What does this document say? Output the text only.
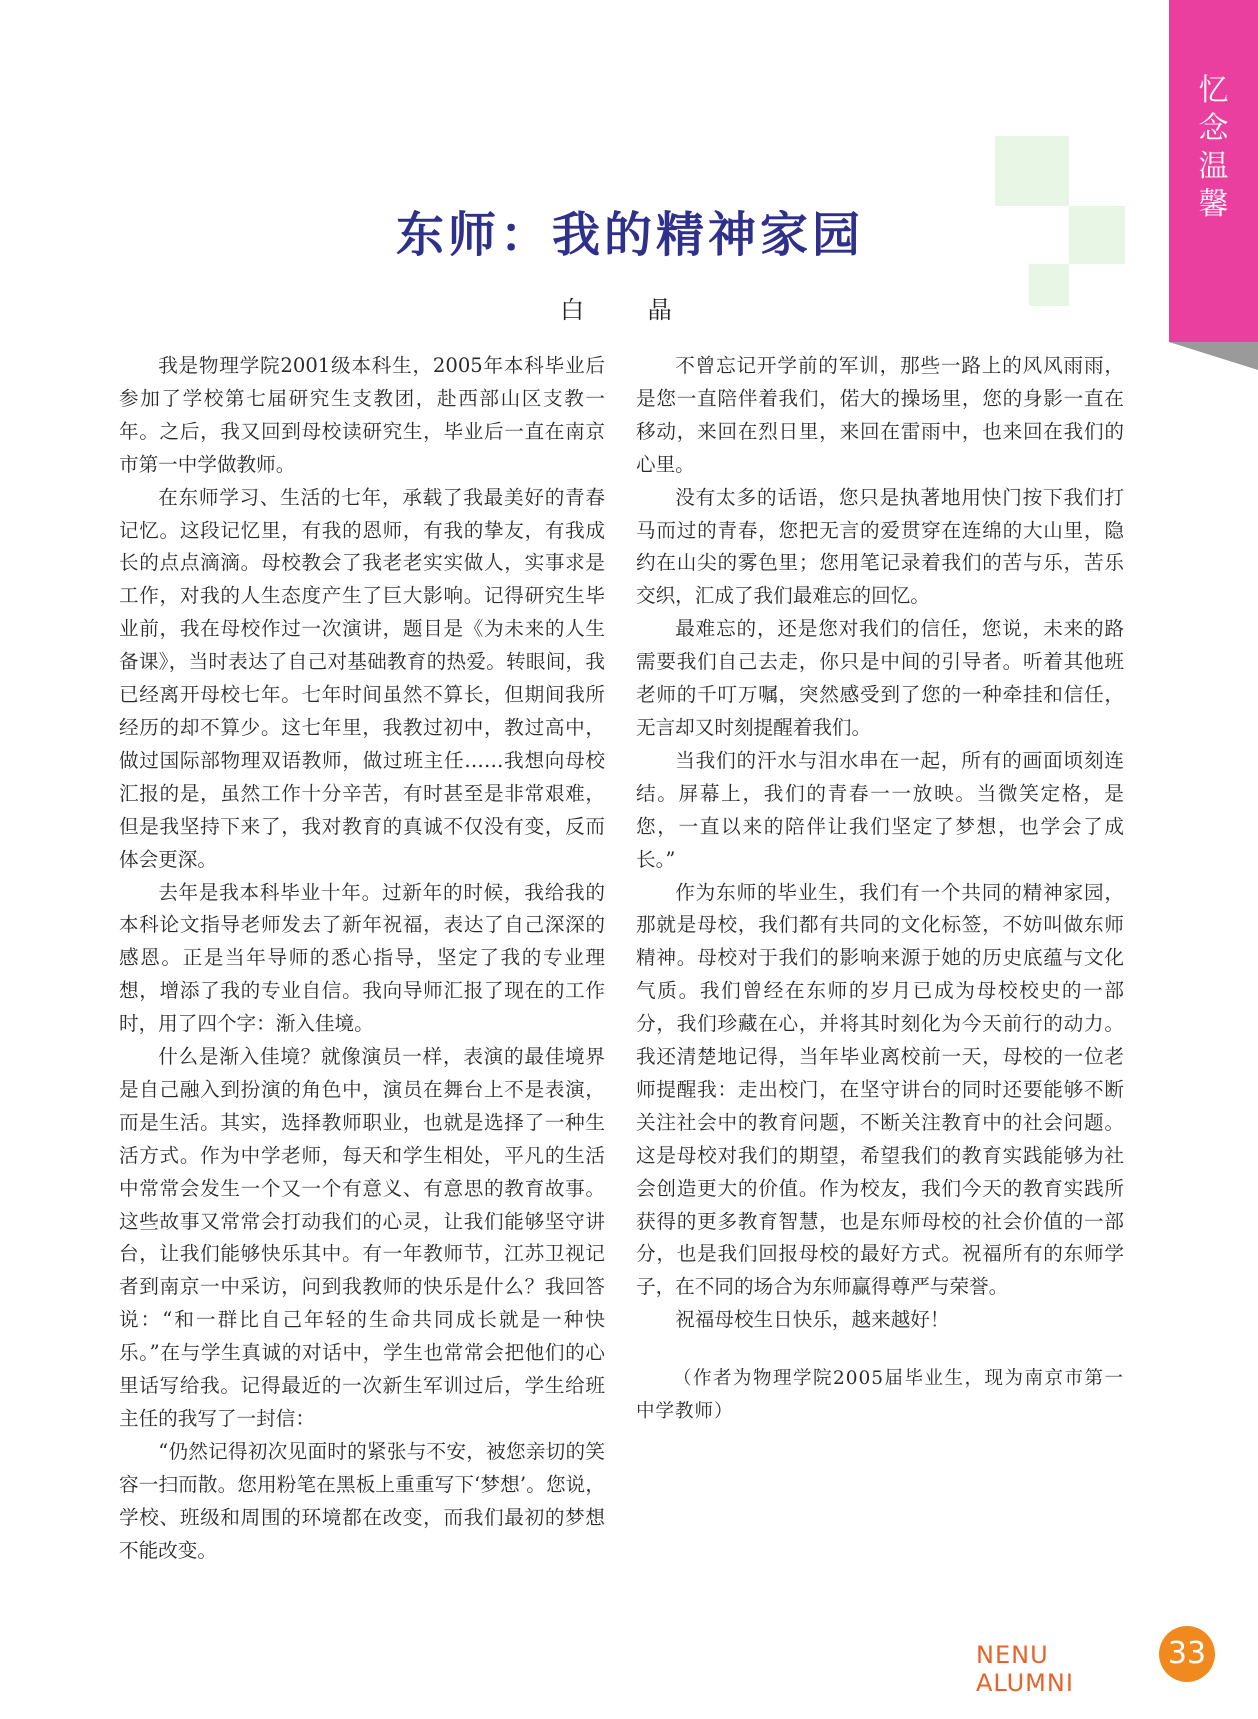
忆
念
温
馨
东师：我的精神家园
白 晶

我是物理学院2001级本科生，2005年本科毕业后参加了学校第七届研究生支教团，赴西部山区支教一年。之后，我又回到母校读研究生，毕业后一直在南京市第一中学做教师。

在东师学习、生活的七年，承载了我最美好的青春记忆。这段记忆里，有我的恩师，有我的挚友，有我成长的点点滴滴。母校教会了我老老实实做人，实事求是工作，对我的人生态度产生了巨大影响。记得研究生毕业前，我在母校作过一次演讲，题目是《为未来的人生备课》，当时表达了自己对基础教育的热爱。转眼间，我已经离开母校七年。七年时间虽然不算长，但期间我所经历的却不算少。这七年里，我教过初中，教过高中，做过国际部物理双语教师，做过班主任……我想向母校汇报的是，虽然工作十分辛苦，有时甚至是非常艰难，但是我坚持下来了，我对教育的真诚不仅没有变，反而体会更深。

去年是我本科毕业十年。过新年的时候，我给我的本科论文指导老师发去了新年祝福，表达了自己深深的感恩。正是当年导师的悉心指导，坚定了我的专业理想，增添了我的专业自信。我向导师汇报了现在的工作时，用了四个字：渐入佳境。

什么是渐入佳境？就像演员一样，表演的最佳境界是自己融入到扮演的角色中，演员在舞台上不是表演，而是生活。其实，选择教师职业，也就是选择了一种生活方式。作为中学老师，每天和学生相处，平凡的生活中常常会发生一个又一个有意义、有意思的教育故事。这些故事又常常会打动我们的心灵，让我们能够坚守讲台，让我们能够快乐其中。有一年教师节，江苏卫视记者到南京一中采访，问到我教师的快乐是什么？我回答说：“和一群比自己年轻的生命共同成长就是一种快乐。”在与学生真诚的对话中，学生也常常会把他们的心里话写给我。记得最近的一次新生军训过后，学生给班主任的我写了一封信：

“仍然记得初次见面时的紧张与不安，被您亲切的笑容一扫而散。您用粉笔在黑板上重重写下‘梦想’。您说，学校、班级和周围的环境都在改变，而我们最初的梦想不能改变。

不曾忘记开学前的军训，那些一路上的风风雨雨，是您一直陪伴着我们，偌大的操场里，您的身影一直在移动，来回在烈日里，来回在雷雨中，也来回在我们的心里。

没有太多的话语，您只是执著地用快门按下我们打马而过的青春，您把无言的爱贯穿在连绵的大山里，隐约在山尖的雾色里；您用笔记录着我们的苦与乐，苦乐交织，汇成了我们最难忘的回忆。

最难忘的，还是您对我们的信任，您说，未来的路需要我们自己去走，你只是中间的引导者。听着其他班老师的千叮万嘱，突然感受到了您的一种牵挂和信任，无言却又时刻提醒着我们。

当我们的汗水与泪水串在一起，所有的画面顷刻连结。屏幕上，我们的青春一一放映。当微笑定格，是您，一直以来的陪伴让我们坚定了梦想，也学会了成长。”

作为东师的毕业生，我们有一个共同的精神家园，那就是母校，我们都有共同的文化标签，不妨叫做东师精神。母校对于我们的影响来源于她的历史底蕴与文化气质。我们曾经在东师的岁月已成为母校校史的一部分，我们珍藏在心，并将其时刻化为今天前行的动力。我还清楚地记得，当年毕业离校前一天，母校的一位老师提醒我：走出校门，在坚守讲台的同时还要能够不断关注社会中的教育问题，不断关注教育中的社会问题。这是母校对我们的期望，希望我们的教育实践能够为社会创造更大的价值。作为校友，我们今天的教育实践所获得的更多教育智慧，也是东师母校的社会价值的一部分，也是我们回报母校的最好方式。祝福所有的东师学子，在不同的场合为东师赢得尊严与荣誉。

祝福母校生日快乐，越来越好！

（作者为物理学院2005届毕业生，现为南京市第一中学教师）

NENU ALUMNI
33
